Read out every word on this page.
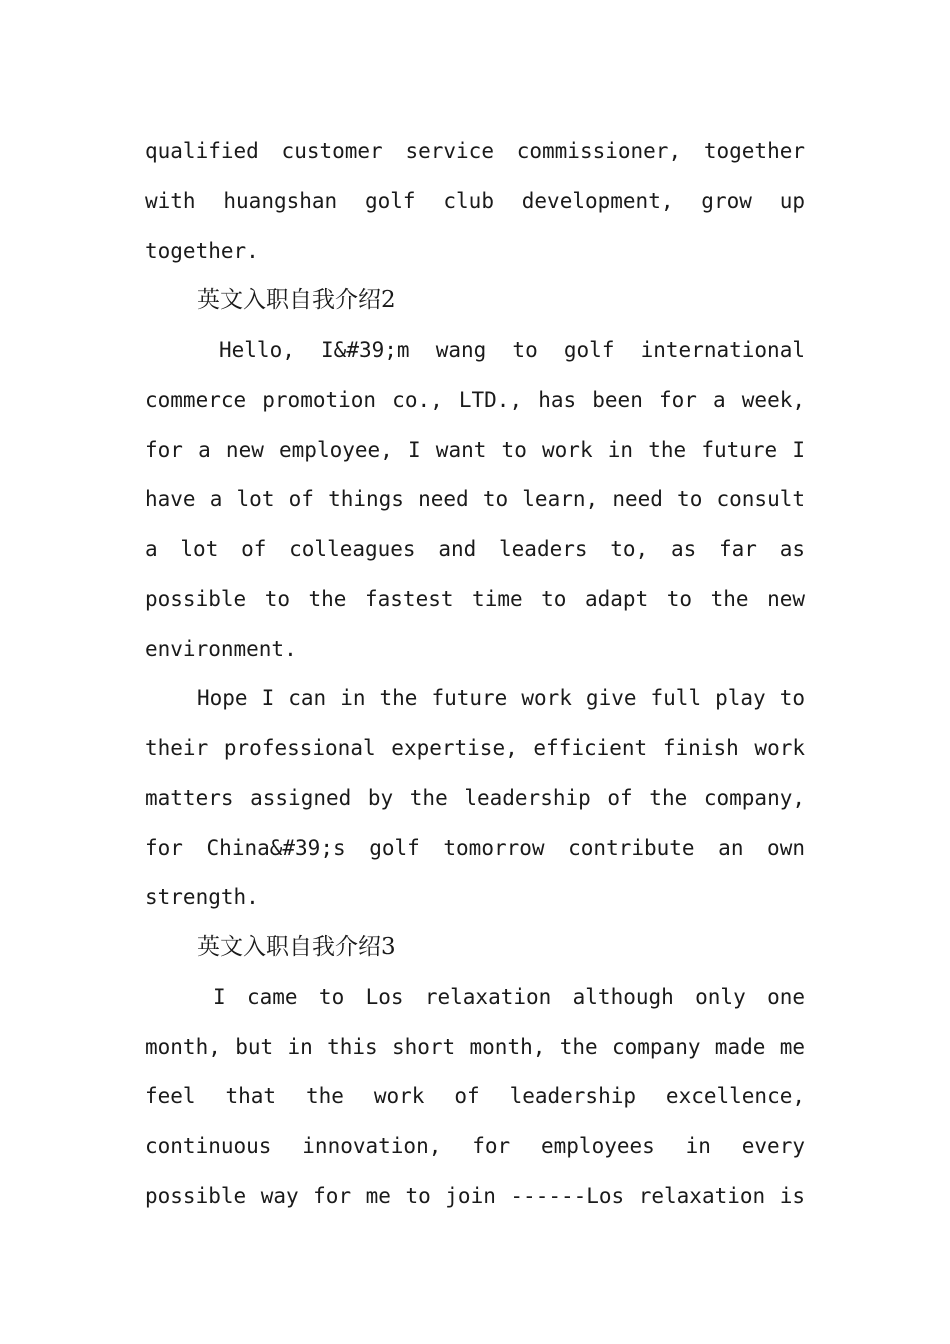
qualified customer service commissioner, together
with huangshan golf club development, grow up
together.
英文入职自我介绍2
Hello, I&#39;m wang to golf international
commerce promotion co., LTD., has been for a week,
for a new employee, I want to work in the future I
have a lot of things need to learn, need to consult
a lot of colleagues and leaders to, as far as
possible to the fastest time to adapt to the new
environment.
Hope I can in the future work give full play to
their professional expertise, efficient finish work
matters assigned by the leadership of the company,
for China&#39;s golf tomorrow contribute an own
strength.
英文入职自我介绍3
I came to Los relaxation although only one
month, but in this short month, the company made me
feel that the work of leadership excellence,
continuous innovation, for employees in every
possible way for me to join ------Los relaxation is
